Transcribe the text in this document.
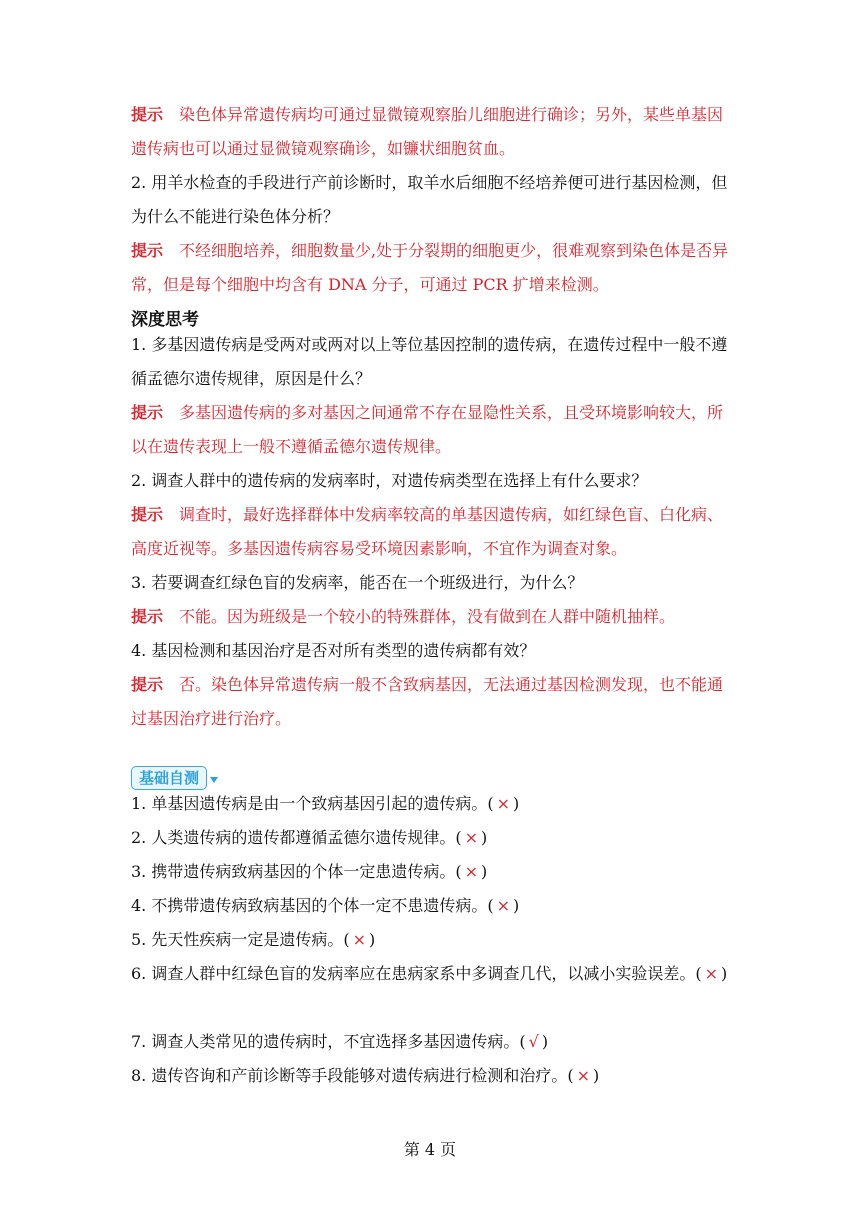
提示 染色体异常遗传病均可通过显微镜观察胎儿细胞进行确诊；另外，某些单基因遗传病也可以通过显微镜观察确诊，如镰状细胞贫血。

2. 用羊水检查的手段进行产前诊断时，取羊水后细胞不经培养便可进行基因检测，但为什么不能进行染色体分析？

提示 不经细胞培养，细胞数量少,处于分裂期的细胞更少，很难观察到染色体是否异常，但是每个细胞中均含有 DNA 分子，可通过 PCR 扩增来检测。

深度思考

1. 多基因遗传病是受两对或两对以上等位基因控制的遗传病，在遗传过程中一般不遵循孟德尔遗传规律，原因是什么？

提示 多基因遗传病的多对基因之间通常不存在显隐性关系，且受环境影响较大，所以在遗传表现上一般不遵循孟德尔遗传规律。

2. 调查人群中的遗传病的发病率时，对遗传病类型在选择上有什么要求？

提示 调查时，最好选择群体中发病率较高的单基因遗传病，如红绿色盲、白化病、高度近视等。多基因遗传病容易受环境因素影响，不宜作为调查对象。

3. 若要调查红绿色盲的发病率，能否在一个班级进行，为什么？

提示 不能。因为班级是一个较小的特殊群体，没有做到在人群中随机抽样。

4. 基因检测和基因治疗是否对所有类型的遗传病都有效？

提示 否。染色体异常遗传病一般不含致病基因，无法通过基因检测发现，也不能通过基因治疗进行治疗。

基础自测

1. 单基因遗传病是由一个致病基因引起的遗传病。( × )

2. 人类遗传病的遗传都遵循孟德尔遗传规律。( × )

3. 携带遗传病致病基因的个体一定患遗传病。( × )

4. 不携带遗传病致病基因的个体一定不患遗传病。( × )

5. 先天性疾病一定是遗传病。( × )

6. 调查人群中红绿色盲的发病率应在患病家系中多调查几代，以减小实验误差。( × )

7. 调查人类常见的遗传病时，不宜选择多基因遗传病。( √ )

8. 遗传咨询和产前诊断等手段能够对遗传病进行检测和治疗。( × )

第 4 页
